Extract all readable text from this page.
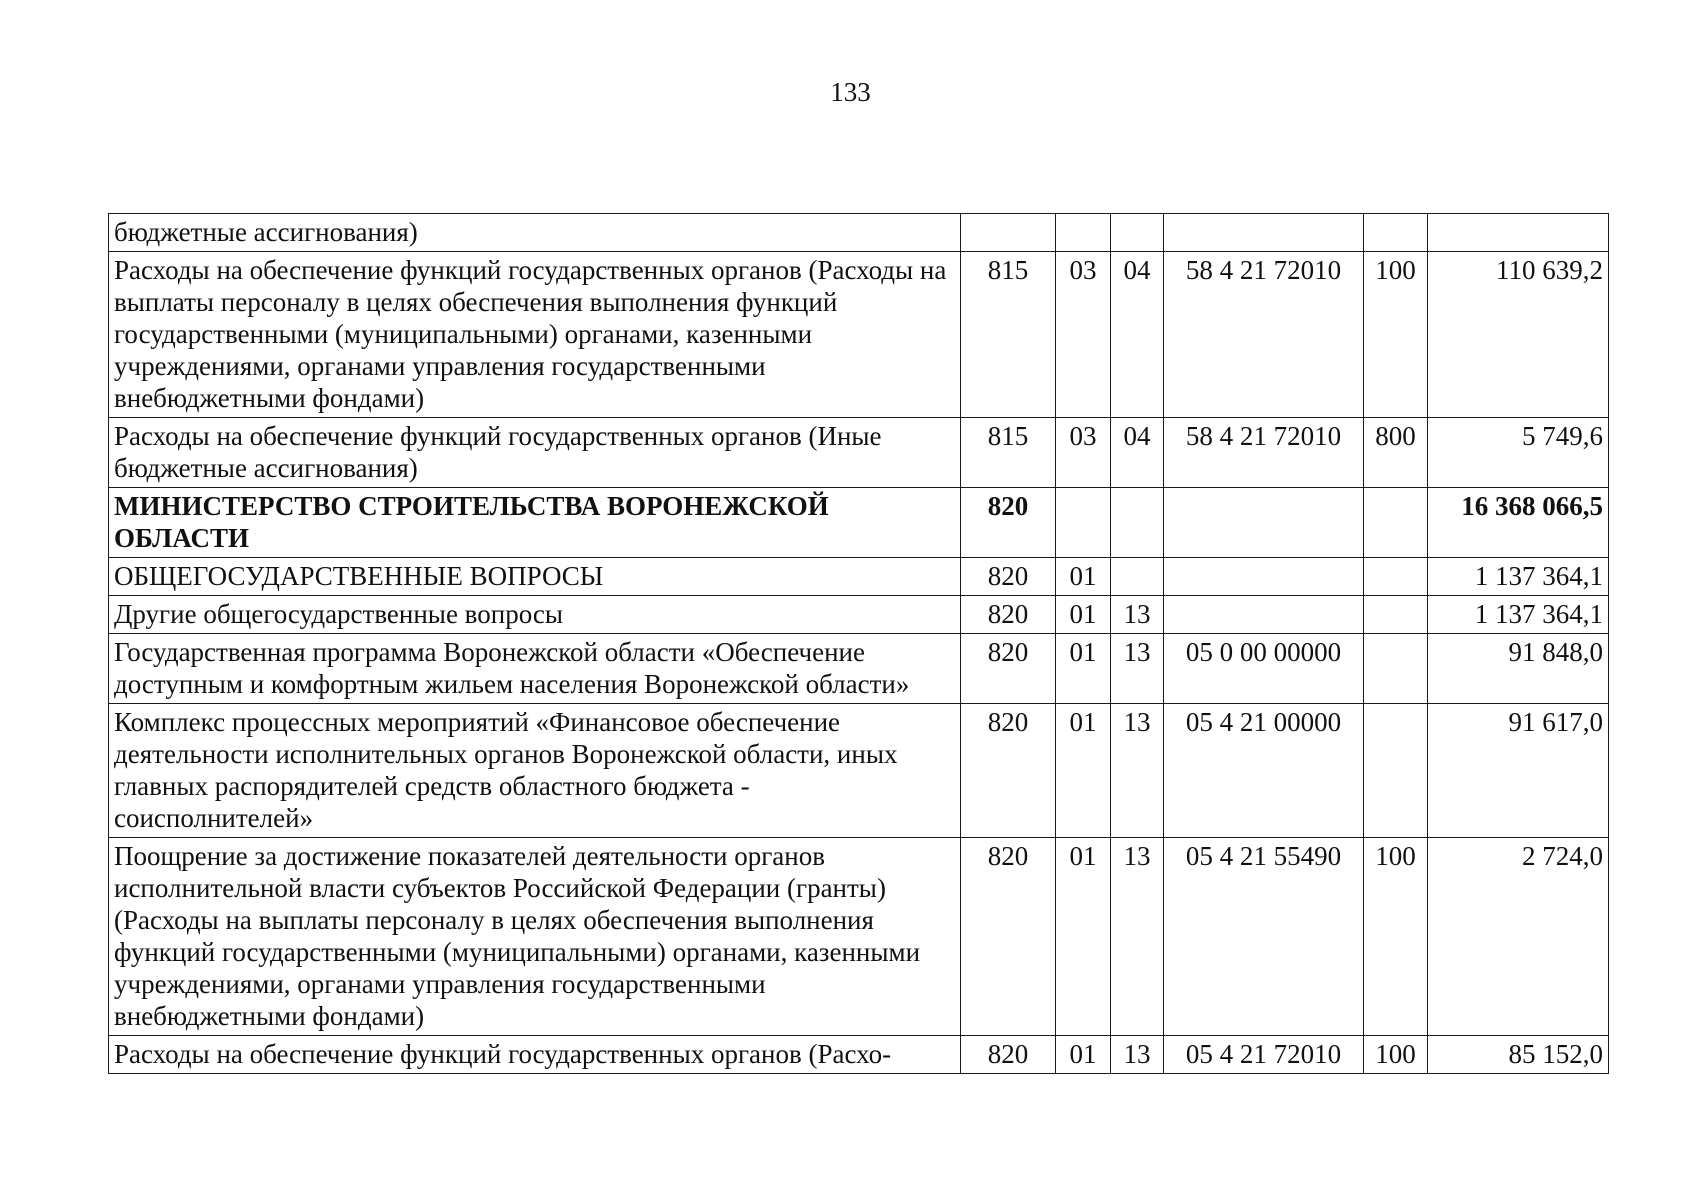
133
бюджетные ассигнования)						
Расходы на обеспечение функций государственных органов (Расходы на выплаты персоналу в целях обеспечения выполнения функций государственными (муниципальными) органами, казенными учреждениями, органами управления государственными внебюджетными фондами)	815	03	04	58 4 21 72010	100	110 639,2
Расходы на обеспечение функций государственных органов (Иные бюджетные ассигнования)	815	03	04	58 4 21 72010	800	5 749,6
МИНИСТЕРСТВО СТРОИТЕЛЬСТВА ВОРОНЕЖСКОЙ ОБЛАСТИ	820					16 368 066,5
ОБЩЕГОСУДАРСТВЕННЫЕ ВОПРОСЫ	820	01				1 137 364,1
Другие общегосударственные вопросы	820	01	13			1 137 364,1
Государственная программа Воронежской области «Обеспечение доступным и комфортным жильем населения Воронежской области»	820	01	13	05 0 00 00000		91 848,0
Комплекс процессных мероприятий «Финансовое обеспечение деятельности исполнительных органов Воронежской области, иных главных распорядителей средств областного бюджета - соисполнителей»	820	01	13	05 4 21 00000		91 617,0
Поощрение за достижение показателей деятельности органов исполнительной власти субъектов Российской Федерации (гранты) (Расходы на выплаты персоналу в целях обеспечения выполнения функций государственными (муниципальными) органами, казенными учреждениями, органами управления государственными внебюджетными фондами)	820	01	13	05 4 21 55490	100	2 724,0
Расходы на обеспечение функций государственных органов (Расхо-	820	01	13	05 4 21 72010	100	85 152,0
